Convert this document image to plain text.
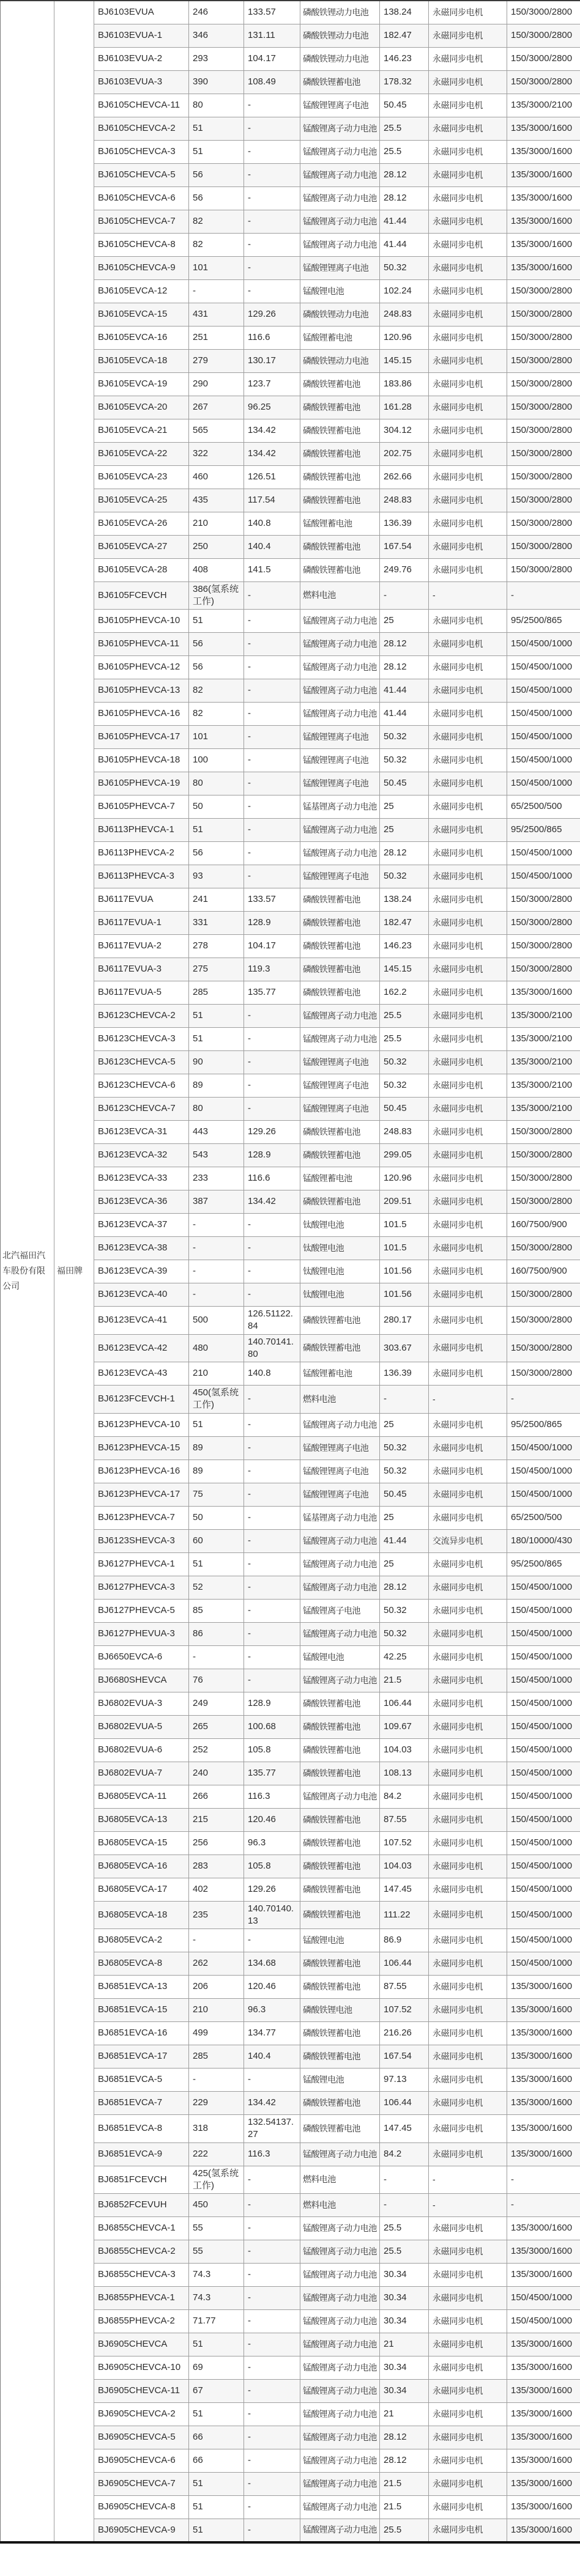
北汽福田汽车股份有限公司	福田牌	BJ6103EVUA	246	133.57	磷酸铁锂动力电池	138.24	永磁同步电机	150/3000/2800
		BJ6103EVUA-1	346	131.11	磷酸铁锂动力电池	182.47	永磁同步电机	150/3000/2800
		BJ6103EVUA-2	293	104.17	磷酸铁锂动力电池	146.23	永磁同步电机	150/3000/2800
		BJ6103EVUA-3	390	108.49	磷酸铁锂蓄电池	178.32	永磁同步电机	150/3000/2800
		BJ6105CHEVCA-11	80	-	锰酸锂锂离子电池	50.45	永磁同步电机	135/3000/2100
		BJ6105CHEVCA-2	51	-	锰酸锂离子动力电池	25.5	永磁同步电机	135/3000/1600
		BJ6105CHEVCA-3	51	-	锰酸锂离子动力电池	25.5	永磁同步电机	135/3000/1600
		BJ6105CHEVCA-5	56	-	锰酸锂离子动力电池	28.12	永磁同步电机	135/3000/1600
		BJ6105CHEVCA-6	56	-	锰酸锂离子动力电池	28.12	永磁同步电机	135/3000/1600
		BJ6105CHEVCA-7	82	-	锰酸锂离子动力电池	41.44	永磁同步电机	135/3000/1600
		BJ6105CHEVCA-8	82	-	锰酸锂离子动力电池	41.44	永磁同步电机	135/3000/1600
		BJ6105CHEVCA-9	101	-	锰酸锂锂离子电池	50.32	永磁同步电机	135/3000/1600
		BJ6105EVCA-12	-	-	锰酸锂电池	102.24	永磁同步电机	150/3000/2800
		BJ6105EVCA-15	431	129.26	磷酸铁锂动力电池	248.83	永磁同步电机	150/3000/2800
		BJ6105EVCA-16	251	116.6	锰酸锂蓄电池	120.96	永磁同步电机	150/3000/2800
		BJ6105EVCA-18	279	130.17	磷酸铁锂动力电池	145.15	永磁同步电机	150/3000/2800
		BJ6105EVCA-19	290	123.7	磷酸铁锂蓄电池	183.86	永磁同步电机	150/3000/2800
		BJ6105EVCA-20	267	96.25	磷酸铁锂蓄电池	161.28	永磁同步电机	150/3000/2800
		BJ6105EVCA-21	565	134.42	磷酸铁锂蓄电池	304.12	永磁同步电机	150/3000/2800
		BJ6105EVCA-22	322	134.42	磷酸铁锂蓄电池	202.75	永磁同步电机	150/3000/2800
		BJ6105EVCA-23	460	126.51	磷酸铁锂蓄电池	262.66	永磁同步电机	150/3000/2800
		BJ6105EVCA-25	435	117.54	磷酸铁锂蓄电池	248.83	永磁同步电机	150/3000/2800
		BJ6105EVCA-26	210	140.8	锰酸锂蓄电池	136.39	永磁同步电机	150/3000/2800
		BJ6105EVCA-27	250	140.4	磷酸铁锂蓄电池	167.54	永磁同步电机	150/3000/2800
		BJ6105EVCA-28	408	141.5	磷酸铁锂蓄电池	249.76	永磁同步电机	150/3000/2800
		BJ6105FCEVCH	386(氢系统工作)	-	燃料电池	-	-	-
		BJ6105PHEVCA-10	51	-	锰酸锂离子动力电池	25	永磁同步电机	95/2500/865
		BJ6105PHEVCA-11	56	-	锰酸锂离子动力电池	28.12	永磁同步电机	150/4500/1000
		BJ6105PHEVCA-12	56	-	锰酸锂离子动力电池	28.12	永磁同步电机	150/4500/1000
		BJ6105PHEVCA-13	82	-	锰酸锂离子动力电池	41.44	永磁同步电机	150/4500/1000
		BJ6105PHEVCA-16	82	-	锰酸锂离子动力电池	41.44	永磁同步电机	150/4500/1000
		BJ6105PHEVCA-17	101	-	锰酸锂锂离子电池	50.32	永磁同步电机	150/4500/1000
		BJ6105PHEVCA-18	100	-	锰酸锂锂离子电池	50.32	永磁同步电机	150/4500/1000
		BJ6105PHEVCA-19	80	-	锰酸锂锂离子电池	50.45	永磁同步电机	150/4500/1000
		BJ6105PHEVCA-7	50	-	锰基锂离子动力电池	25	永磁同步电机	65/2500/500
		BJ6113PHEVCA-1	51	-	锰酸锂离子动力电池	25	永磁同步电机	95/2500/865
		BJ6113PHEVCA-2	56	-	锰酸锂离子动力电池	28.12	永磁同步电机	150/4500/1000
		BJ6113PHEVCA-3	93	-	锰酸锂锂离子电池	50.32	永磁同步电机	150/4500/1000
		BJ6117EVUA	241	133.57	磷酸铁锂蓄电池	138.24	永磁同步电机	150/3000/2800
		BJ6117EVUA-1	331	128.9	磷酸铁锂蓄电池	182.47	永磁同步电机	150/3000/2800
		BJ6117EVUA-2	278	104.17	磷酸铁锂蓄电池	146.23	永磁同步电机	150/3000/2800
		BJ6117EVUA-3	275	119.3	磷酸铁锂蓄电池	145.15	永磁同步电机	150/3000/2800
		BJ6117EVUA-5	285	135.77	磷酸铁锂蓄电池	162.2	永磁同步电机	135/3000/1600
		BJ6123CHEVCA-2	51	-	锰酸锂离子动力电池	25.5	永磁同步电机	135/3000/2100
		BJ6123CHEVCA-3	51	-	锰酸锂离子动力电池	25.5	永磁同步电机	135/3000/2100
		BJ6123CHEVCA-5	90	-	锰酸锂锂离子电池	50.32	永磁同步电机	135/3000/2100
		BJ6123CHEVCA-6	89	-	锰酸锂锂离子电池	50.32	永磁同步电机	135/3000/2100
		BJ6123CHEVCA-7	80	-	锰酸锂锂离子电池	50.45	永磁同步电机	135/3000/2100
		BJ6123EVCA-31	443	129.26	磷酸铁锂蓄电池	248.83	永磁同步电机	150/3000/2800
		BJ6123EVCA-32	543	128.9	磷酸铁锂蓄电池	299.05	永磁同步电机	150/3000/2800
		BJ6123EVCA-33	233	116.6	锰酸锂蓄电池	120.96	永磁同步电机	150/3000/2800
		BJ6123EVCA-36	387	134.42	磷酸铁锂蓄电池	209.51	永磁同步电机	150/3000/2800
		BJ6123EVCA-37	-	-	钛酸锂电池	101.5	永磁同步电机	160/7500/900
		BJ6123EVCA-38	-	-	钛酸锂电池	101.5	永磁同步电机	150/3000/2800
		BJ6123EVCA-39	-	-	钛酸锂电池	101.56	永磁同步电机	160/7500/900
		BJ6123EVCA-40	-	-	钛酸锂电池	101.56	永磁同步电机	150/3000/2800
		BJ6123EVCA-41	500	126.51122.84	磷酸铁锂蓄电池	280.17	永磁同步电机	150/3000/2800
		BJ6123EVCA-42	480	140.70141.80	磷酸铁锂蓄电池	303.67	永磁同步电机	150/3000/2800
		BJ6123EVCA-43	210	140.8	锰酸锂蓄电池	136.39	永磁同步电机	150/3000/2800
		BJ6123FCEVCH-1	450(氢系统工作)	-	燃料电池	-	-	-
		BJ6123PHEVCA-10	51	-	锰酸锂离子动力电池	25	永磁同步电机	95/2500/865
		BJ6123PHEVCA-15	89	-	锰酸锂锂离子电池	50.32	永磁同步电机	150/4500/1000
		BJ6123PHEVCA-16	89	-	锰酸锂锂离子电池	50.32	永磁同步电机	150/4500/1000
		BJ6123PHEVCA-17	75	-	锰酸锂锂离子电池	50.45	永磁同步电机	150/4500/1000
		BJ6123PHEVCA-7	50	-	锰基锂离子动力电池	25	永磁同步电机	65/2500/500
		BJ6123SHEVCA-3	60	-	锰酸锂离子动力电池	41.44	交流异步电机	180/10000/430
		BJ6127PHEVCA-1	51	-	锰酸锂离子动力电池	25	永磁同步电机	95/2500/865
		BJ6127PHEVCA-3	52	-	锰酸锂离子动力电池	28.12	永磁同步电机	150/4500/1000
		BJ6127PHEVCA-5	85	-	锰酸锂离子电池	50.32	永磁同步电机	150/4500/1000
		BJ6127PHEVUA-3	86	-	锰酸锂离子动力电池	50.32	永磁同步电机	150/4500/1000
		BJ6650EVCA-6	-	-	锰酸锂电池	42.25	永磁同步电机	150/4500/1000
		BJ6680SHEVCA	76	-	锰酸锂离子动力电池	21.5	永磁同步电机	150/4500/1000
		BJ6802EVUA-3	249	128.9	磷酸铁锂蓄电池	106.44	永磁同步电机	150/4500/1000
		BJ6802EVUA-5	265	100.68	磷酸铁锂蓄电池	109.67	永磁同步电机	150/4500/1000
		BJ6802EVUA-6	252	105.8	磷酸铁锂蓄电池	104.03	永磁同步电机	150/4500/1000
		BJ6802EVUA-7	240	135.77	磷酸铁锂蓄电池	108.13	永磁同步电机	150/4500/1000
		BJ6805EVCA-11	266	116.3	锰酸锂离子动力电池	84.2	永磁同步电机	150/4500/1000
		BJ6805EVCA-13	215	120.46	磷酸铁锂蓄电池	87.55	永磁同步电机	150/4500/1000
		BJ6805EVCA-15	256	96.3	磷酸铁锂蓄电池	107.52	永磁同步电机	150/4500/1000
		BJ6805EVCA-16	283	105.8	磷酸铁锂蓄电池	104.03	永磁同步电机	150/4500/1000
		BJ6805EVCA-17	402	129.26	磷酸铁锂蓄电池	147.45	永磁同步电机	150/4500/1000
		BJ6805EVCA-18	235	140.70140.13	磷酸铁锂蓄电池	111.22	永磁同步电机	150/4500/1000
		BJ6805EVCA-2	-	-	锰酸锂电池	86.9	永磁同步电机	150/4500/1000
		BJ6805EVCA-8	262	134.68	磷酸铁锂蓄电池	106.44	永磁同步电机	150/4500/1000
		BJ6851EVCA-13	206	120.46	磷酸铁锂蓄电池	87.55	永磁同步电机	135/3000/1600
		BJ6851EVCA-15	210	96.3	磷酸铁锂电池	107.52	永磁同步电机	135/3000/1600
		BJ6851EVCA-16	499	134.77	磷酸铁锂蓄电池	216.26	永磁同步电机	135/3000/1600
		BJ6851EVCA-17	285	140.4	磷酸铁锂蓄电池	167.54	永磁同步电机	135/3000/1600
		BJ6851EVCA-5	-	-	锰酸锂电池	97.13	永磁同步电机	135/3000/1600
		BJ6851EVCA-7	229	134.42	磷酸铁锂蓄电池	106.44	永磁同步电机	135/3000/1600
		BJ6851EVCA-8	318	132.54137.27	磷酸铁锂蓄电池	147.45	永磁同步电机	135/3000/1600
		BJ6851EVCA-9	222	116.3	锰酸锂离子动力电池	84.2	永磁同步电机	135/3000/1600
		BJ6851FCEVCH	425(氢系统工作)	-	燃料电池	-	-	-
		BJ6852FCEVUH	450	-	燃料电池	-	-	-
		BJ6855CHEVCA-1	55	-	锰酸锂离子动力电池	25.5	永磁同步电机	135/3000/1600
		BJ6855CHEVCA-2	55	-	锰酸锂离子动力电池	25.5	永磁同步电机	135/3000/1600
		BJ6855CHEVCA-3	74.3	-	锰酸锂离子动力电池	30.34	永磁同步电机	135/3000/1600
		BJ6855PHEVCA-1	74.3	-	锰酸锂离子动力电池	30.34	永磁同步电机	150/4500/1000
		BJ6855PHEVCA-2	71.77	-	锰酸锂离子动力电池	30.34	永磁同步电机	150/4500/1000
		BJ6905CHEVCA	51	-	锰酸锂离子动力电池	21	永磁同步电机	135/3000/1600
		BJ6905CHEVCA-10	69	-	锰酸锂离子动力电池	30.34	永磁同步电机	135/3000/1600
		BJ6905CHEVCA-11	67	-	锰酸锂离子动力电池	30.34	永磁同步电机	135/3000/1600
		BJ6905CHEVCA-2	51	-	锰酸锂离子动力电池	21	永磁同步电机	135/3000/1600
		BJ6905CHEVCA-5	66	-	锰酸锂离子动力电池	28.12	永磁同步电机	135/3000/1600
		BJ6905CHEVCA-6	66	-	锰酸锂离子动力电池	28.12	永磁同步电机	135/3000/1600
		BJ6905CHEVCA-7	51	-	锰酸锂离子动力电池	21.5	永磁同步电机	135/3000/1600
		BJ6905CHEVCA-8	51	-	锰酸锂离子动力电池	21.5	永磁同步电机	135/3000/1600
		BJ6905CHEVCA-9	51	-	锰酸锂离子动力电池	25.5	永磁同步电机	135/3000/1600
